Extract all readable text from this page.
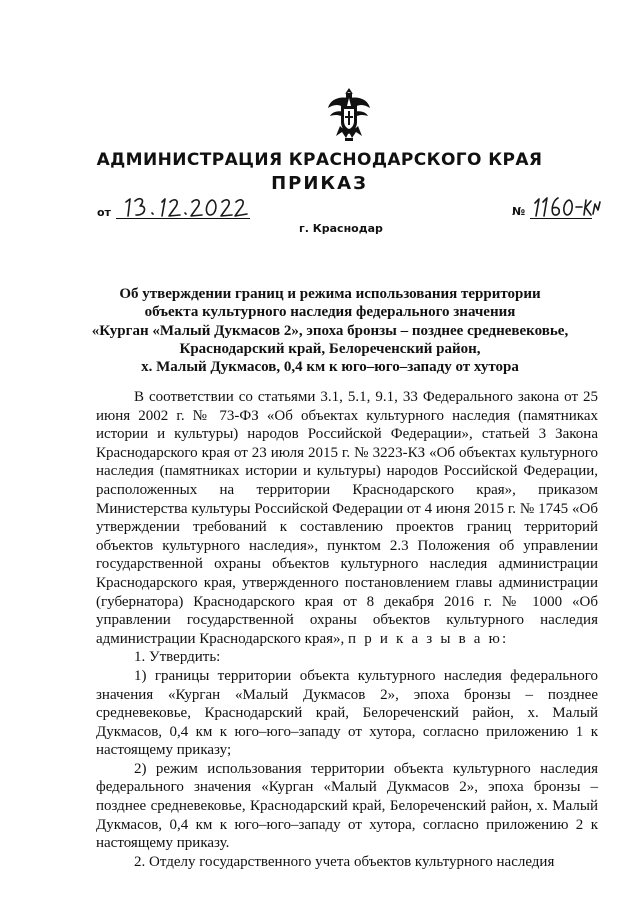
АДМИНИСТРАЦИЯ КРАСНОДАРСКОГО КРАЯ
ПРИКАЗ
от
г. Краснодар
№

Об утверждении границ и режима использования территории
объекта культурного наследия федерального значения
«Курган «Малый Дукмасов 2», эпоха бронзы – позднее средневековье,
Краснодарский край, Белореченский район,
х. Малый Дукмасов, 0,4 км к юго–юго–западу от хутора

В соответствии со статьями 3.1, 5.1, 9.1, 33 Федерального закона от 25 июня 2002 г. № 73-ФЗ «Об объектах культурного наследия (памятниках истории и культуры) народов Российской Федерации», статьей 3 Закона Краснодарского края от 23 июля 2015 г. № 3223-КЗ «Об объектах культурного наследия (памятниках истории и культуры) народов Российской Федерации, расположенных на территории Краснодарского края», приказом Министерства культуры Российской Федерации от 4 июня 2015 г. № 1745 «Об утверждении требований к составлению проектов границ территорий объектов культурного наследия», пунктом 2.3 Положения об управлении государственной охраны объектов культурного наследия администрации Краснодарского края, утвержденного постановлением главы администрации (губернатора) Краснодарского края от 8 декабря 2016 г. № 1000 «Об управлении государственной охраны объектов культурного наследия администрации Краснодарского края», п р и к а з ы в а ю:

1. Утвердить:

1) границы территории объекта культурного наследия федерального значения «Курган «Малый Дукмасов 2», эпоха бронзы – позднее средневековье, Краснодарский край, Белореченский район, х. Малый Дукмасов, 0,4 км к юго–юго–западу от хутора, согласно приложению 1 к настоящему приказу;

2) режим использования территории объекта культурного наследия федерального значения «Курган «Малый Дукмасов 2», эпоха бронзы – позднее средневековье, Краснодарский край, Белореченский район, х. Малый Дукмасов, 0,4 км к юго–юго–западу от хутора, согласно приложению 2 к настоящему приказу.

2. Отделу государственного учета объектов культурного наследия
